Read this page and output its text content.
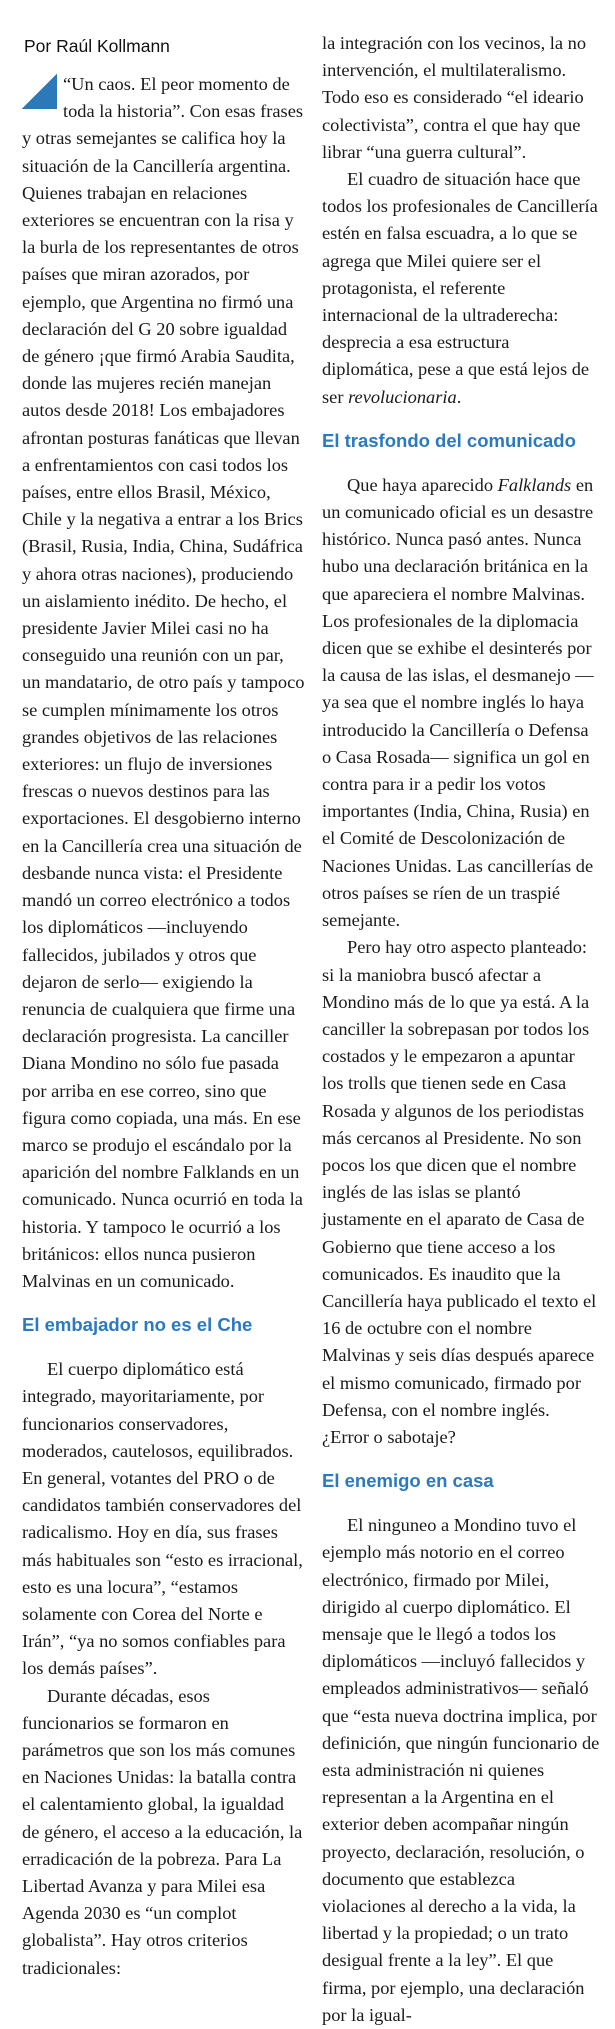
Por Raúl Kollmann

“Un caos. El peor momento de toda la historia”. Con esas frases y otras semejantes se califica hoy la situación de la Cancillería argentina. Quienes trabajan en relaciones exteriores se encuentran con la risa y la burla de los representantes de otros países que miran azorados, por ejemplo, que Argentina no firmó una declaración del G 20 sobre igualdad de género ¡que firmó Arabia Saudita, donde las mujeres recién manejan autos desde 2018! Los embajadores afrontan posturas fanáticas que llevan a enfrentamientos con casi todos los países, entre ellos Brasil, México, Chile y la negativa a entrar a los Brics (Brasil, Rusia, India, China, Sudáfrica y ahora otras naciones), produciendo un aislamiento inédito. De hecho, el presidente Javier Milei casi no ha conseguido una reunión con un par, un mandatario, de otro país y tampoco se cumplen mínimamente los otros grandes objetivos de las relaciones exteriores: un flujo de inversiones frescas o nuevos destinos para las exportaciones. El desgobierno interno en la Cancillería crea una situación de desbande nunca vista: el Presidente mandó un correo electrónico a todos los diplomáticos —incluyendo fallecidos, jubilados y otros que dejaron de serlo— exigiendo la renuncia de cualquiera que firme una declaración progresista. La canciller Diana Mondino no sólo fue pasada por arriba en ese correo, sino que figura como copiada, una más. En ese marco se produjo el escándalo por la aparición del nombre Falklands en un comunicado. Nunca ocurrió en toda la historia. Y tampoco le ocurrió a los británicos: ellos nunca pusieron Malvinas en un comunicado.

El embajador no es el Che

El cuerpo diplomático está integrado, mayoritariamente, por funcionarios conservadores, moderados, cautelosos, equilibrados. En general, votantes del PRO o de candidatos también conservadores del radicalismo. Hoy en día, sus frases más habituales son “esto es irracional, esto es una locura”, “estamos solamente con Corea del Norte e Irán”, “ya no somos confiables para los demás países”.

Durante décadas, esos funcionarios se formaron en parámetros que son los más comunes en Naciones Unidas: la batalla contra el calentamiento global, la igualdad de género, el acceso a la educación, la erradicación de la pobreza. Para La Libertad Avanza y para Milei esa Agenda 2030 es “un complot globalista”. Hay otros criterios tradicionales:

la integración con los vecinos, la no intervención, el multilateralismo. Todo eso es considerado “el ideario colectivista”, contra el que hay que librar “una guerra cultural”.

El cuadro de situación hace que todos los profesionales de Cancillería estén en falsa escuadra, a lo que se agrega que Milei quiere ser el protagonista, el referente internacional de la ultraderecha: desprecia a esa estructura diplomática, pese a que está lejos de ser revolucionaria.

El trasfondo del comunicado

Que haya aparecido Falklands en un comunicado oficial es un desastre histórico. Nunca pasó antes. Nunca hubo una declaración británica en la que apareciera el nombre Malvinas. Los profesionales de la diplomacia dicen que se exhibe el desinterés por la causa de las islas, el desmanejo —ya sea que el nombre inglés lo haya introducido la Cancillería o Defensa o Casa Rosada— significa un gol en contra para ir a pedir los votos importantes (India, China, Rusia) en el Comité de Descolonización de Naciones Unidas. Las cancillerías de otros países se ríen de un traspié semejante.

Pero hay otro aspecto planteado: si la maniobra buscó afectar a Mondino más de lo que ya está. A la canciller la sobrepasan por todos los costados y le empezaron a apuntar los trolls que tienen sede en Casa Rosada y algunos de los periodistas más cercanos al Presidente. No son pocos los que dicen que el nombre inglés de las islas se plantó justamente en el aparato de Casa de Gobierno que tiene acceso a los comunicados. Es inaudito que la Cancillería haya publicado el texto el 16 de octubre con el nombre Malvinas y seis días después aparece el mismo comunicado, firmado por Defensa, con el nombre inglés. ¿Error o sabotaje?

El enemigo en casa

El ninguneo a Mondino tuvo el ejemplo más notorio en el correo electrónico, firmado por Milei, dirigido al cuerpo diplomático. El mensaje que le llegó a todos los diplomáticos —incluyó fallecidos y empleados administrativos— señaló que “esta nueva doctrina implica, por definición, que ningún funcionario de esta administración ni quienes representan a la Argentina en el exterior deben acompañar ningún proyecto, declaración, resolución, o documento que establezca violaciones al derecho a la vida, la libertad y la propiedad; o un trato desigual frente a la ley”. El que firma, por ejemplo, una declaración por la igual-
